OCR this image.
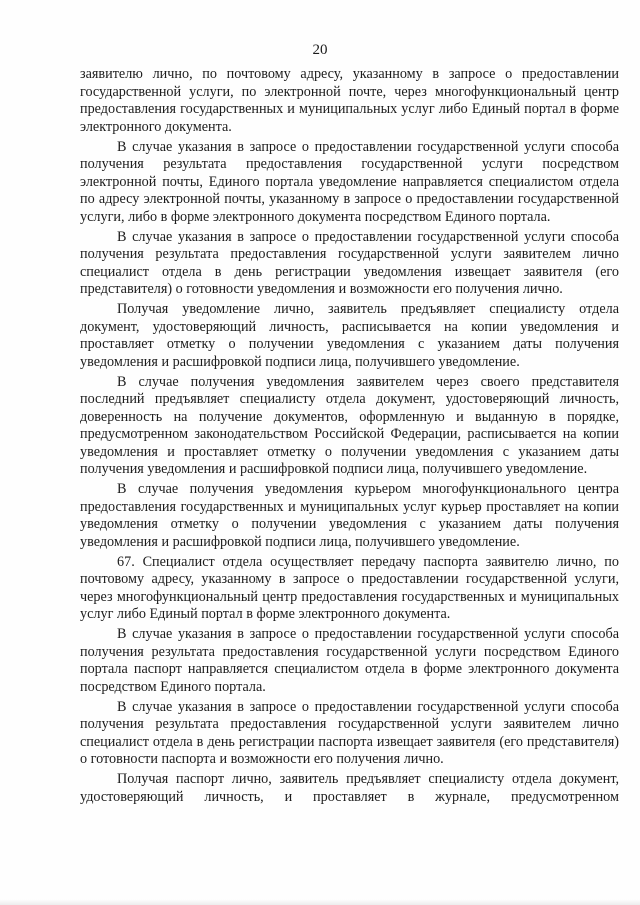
20

заявителю лично, по почтовому адресу, указанному в запросе о предоставлении государственной услуги, по электронной почте, через многофункциональный центр предоставления государственных и муниципальных услуг либо Единый портал в форме электронного документа.

В случае указания в запросе о предоставлении государственной услуги способа получения результата предоставления государственной услуги посредством электронной почты, Единого портала уведомление направляется специалистом отдела по адресу электронной почты, указанному в запросе о предоставлении государственной услуги, либо в форме электронного документа посредством Единого портала.

В случае указания в запросе о предоставлении государственной услуги способа получения результата предоставления государственной услуги заявителем лично специалист отдела в день регистрации уведомления извещает заявителя (его представителя) о готовности уведомления и возможности его получения лично.

Получая уведомление лично, заявитель предъявляет специалисту отдела документ, удостоверяющий личность, расписывается на копии уведомления и проставляет отметку о получении уведомления с указанием даты получения уведомления и расшифровкой подписи лица, получившего уведомление.

В случае получения уведомления заявителем через своего представителя последний предъявляет специалисту отдела документ, удостоверяющий личность, доверенность на получение документов, оформленную и выданную в порядке, предусмотренном законодательством Российской Федерации, расписывается на копии уведомления и проставляет отметку о получении уведомления с указанием даты получения уведомления и расшифровкой подписи лица, получившего уведомление.

В случае получения уведомления курьером многофункционального центра предоставления государственных и муниципальных услуг курьер проставляет на копии уведомления отметку о получении уведомления с указанием даты получения уведомления и расшифровкой подписи лица, получившего уведомление.

67. Специалист отдела осуществляет передачу паспорта заявителю лично, по почтовому адресу, указанному в запросе о предоставлении государственной услуги, через многофункциональный центр предоставления государственных и муниципальных услуг либо Единый портал в форме электронного документа.

В случае указания в запросе о предоставлении государственной услуги способа получения результата предоставления государственной услуги посредством Единого портала паспорт направляется специалистом отдела в форме электронного документа посредством Единого портала.

В случае указания в запросе о предоставлении государственной услуги способа получения результата предоставления государственной услуги заявителем лично специалист отдела в день регистрации паспорта извещает заявителя (его представителя) о готовности паспорта и возможности его получения лично.

Получая паспорт лично, заявитель предъявляет специалисту отдела документ, удостоверяющий личность, и проставляет в журнале, предусмотренном
